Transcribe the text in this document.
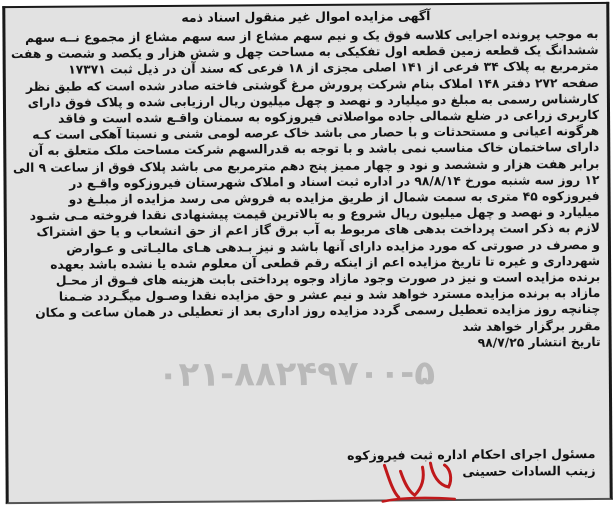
آگهی مزایده اموال غیر منقول اسناد ذمه

به موجب پرونده اجرایی کلاسه فوق یک و نیم سهم مشاع از سه سهم مشاع از مجموع نــه سهم

ششدانگ یک قطعه زمین قطعه اول تفکیکی به مساحت چهل و شش هزار و یکصد و شصت و هفت

مترمربع به پلاک ۳۴ فرعی از ۱۴۱ اصلی مجزی از ۱۸ فرعی که سند آن در ذیل ثبت ۱۷۳۷۱

صفحه ۲۷۲ دفتر ۱۴۸ املاک بنام شرکت پرورش مرغ گوشتی فاخته صادر شده است که طبق نظر

کارشناس رسمی به مبلغ دو میلیارد و نهصد و چهل میلیون ریال ارزیابی شده و پلاک فوق دارای

کاربری زراعی در ضلع شمالی جاده مواصلاتی فیروزکوه به سمنان واقـع شده است و فاقد

هرگونه اعیانی و مستحدثات و با حصار می باشد خاک عرصه لومی شنی و نسبتا آهکی است کـه

دارای ساختمان خاک مناسب نمی باشد و با توجه به قدرالسهم شرکت مساحت ملک متعلق به آن

برابر هفت هزار و ششصد و نود و چهار ممیز پنج دهم مترمربع می باشد پلاک فوق از ساعت ۹ الی

۱۲ روز سه شنبه مورخ ۹۸/۸/۱۴ در اداره ثبت اسناد و املاک شهرستان فیروزکوه واقـع در

فیروزکوه ۴۵ متری به سمت شمال از طریق مزایده به فروش می رسد مزایده از مبلـغ دو

میلیارد و نهصد و چهل میلیون ریال شروع و به بالاترین قیمت پیشنهادی نقدا فروخته مـی شـود

لازم به ذکر است پرداخت بدهی های مربوط به آب برق گاز اعم از حق انشعاب و یا حق اشتراک

و مصرف در صورتی که مورد مزایده دارای آنها باشد و نیز بـدهی هـای مالیـاتی و عـوارض

شهرداری و غیره تا تاریخ مزایده اعم از اینکه رقم قطعی آن معلوم شده یا نشده باشد بعهده

برنده مزایده است و نیز در صورت وجود مازاد وجوه پرداختی بابت هزینه های فـوق از محـل

مازاد به برنده مزایده مسترد خواهد شد و نیم عشر و حق مزایده نقدا وصـول میگـردد ضـمنا

چنانچه روز مزایده تعطیل رسمی گردد مزایده روز اداری بعد از تعطیلی در همان ساعت و مکان

مقرر برگزار خواهد شد

تاریخ انتشار ۹۸/۷/۲۵

۰۲۱-۸۸۲۴۹۷۰۰-۵
مسئول اجرای احکام اداره ثبت فیروزکوه
زینب السادات حسینی
